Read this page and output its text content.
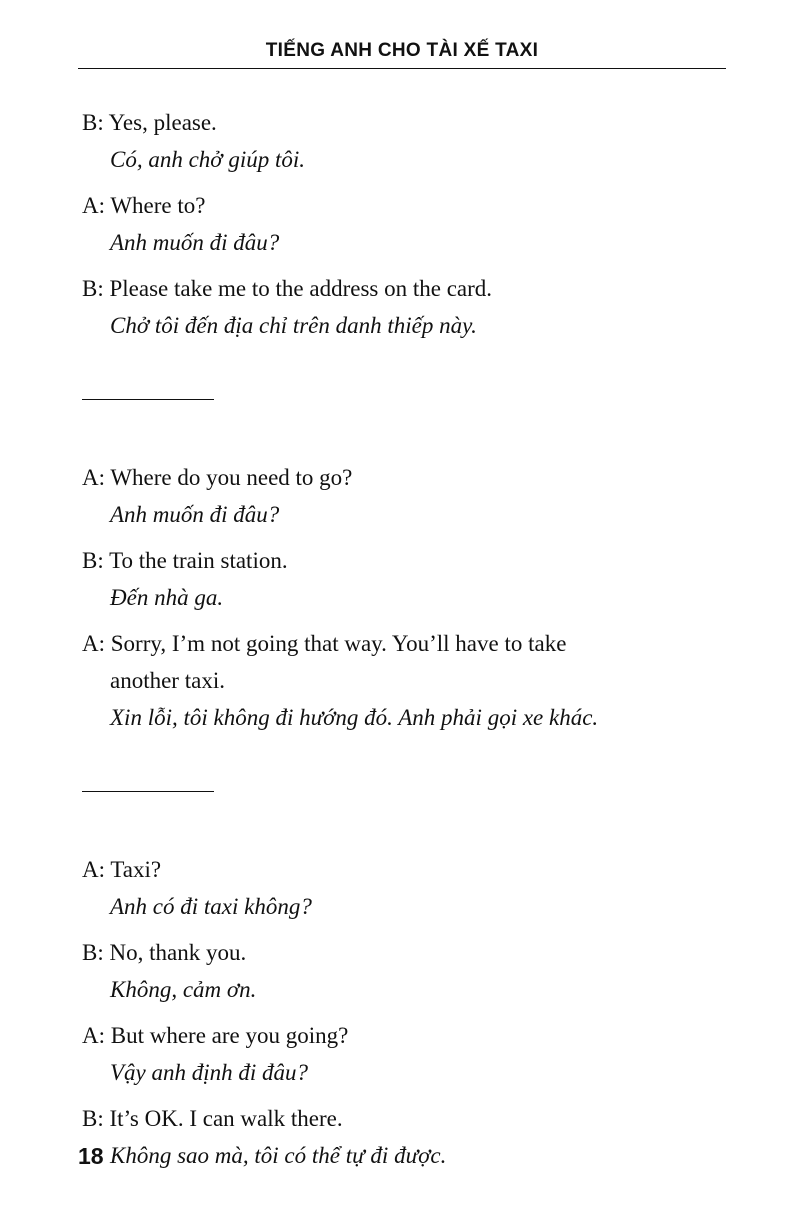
TIẾNG ANH CHO TÀI XẾ TAXI
B: Yes, please.
Có, anh chở giúp tôi.
A: Where to?
Anh muốn đi đâu?
B: Please take me to the address on the card.
Chở tôi đến địa chỉ trên danh thiếp này.
A: Where do you need to go?
Anh muốn đi đâu?
B: To the train station.
Đến nhà ga.
A: Sorry, I’m not going that way. You’ll have to take
another taxi.
Xin lỗi, tôi không đi hướng đó. Anh phải gọi xe khác.
A: Taxi?
Anh có đi taxi không?
B: No, thank you.
Không, cảm ơn.
A: But where are you going?
Vậy anh định đi đâu?
B: It’s OK. I can walk there.
Không sao mà, tôi có thể tự đi được.
18
